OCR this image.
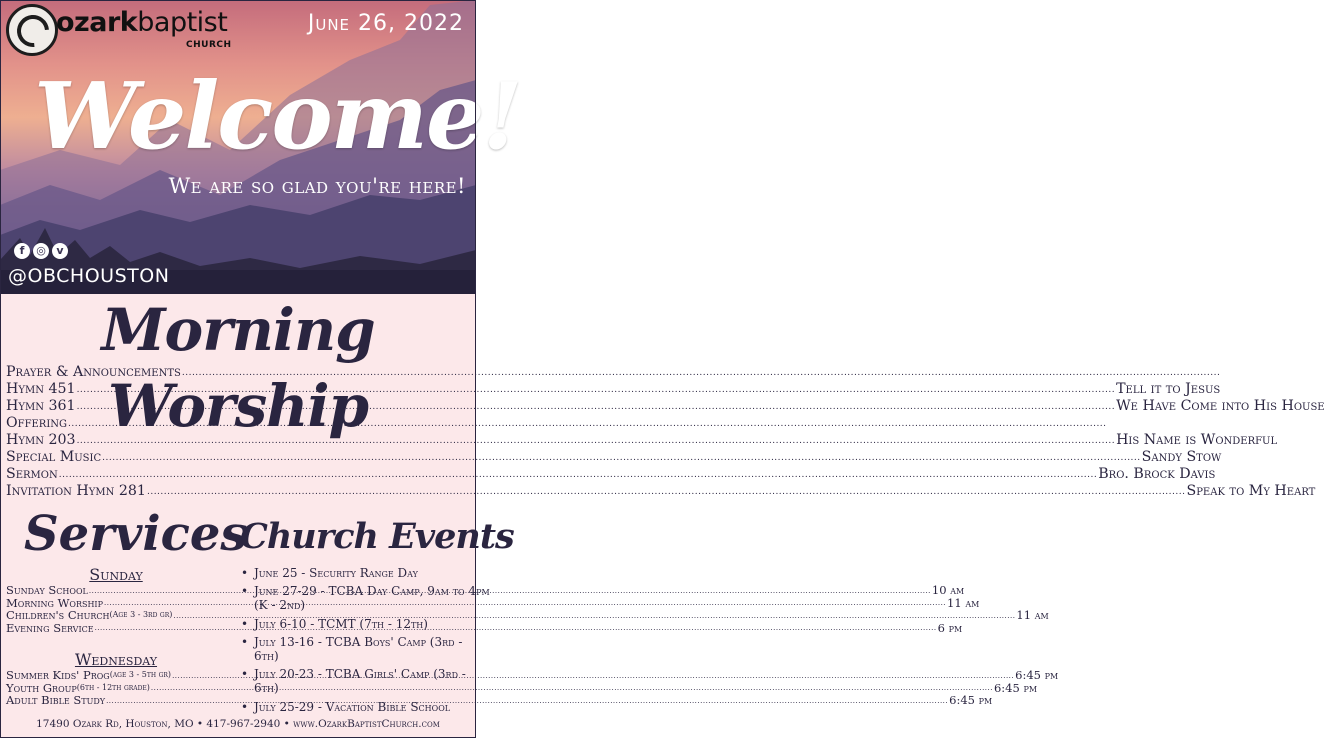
ozarkbaptist
CHURCH
June 26, 2022
Welcome!
We are so glad you're here!
f	◎ v
@OBCHOUSTON
Morning Worship
Prayer & Announcements
.....
Hymn 451 .....	Tell it to Jesus
Hymn 361 .....	We Have Come into His House
Offering
.....
Hymn 203 .....	His Name is Wonderful
Special Music .....	Sandy Stow
Sermon .....	Bro. Brock Davis
Invitation Hymn 281 .....	Speak to My Heart
Services
Sunday
Sunday School .....	10 am
Morning Worship .....	11 am
Children's Church (Age 3 - 3rd gr) .....	11 am
Evening Service .....	6 pm
Wednesday
Summer Kids' Prog (age 3 - 5th gr) .....	6:45 pm
Youth Group (6th - 12th grade) .....	6:45 pm
Adult Bible Study .....	6:45 pm
Church Events
• June 25 - Security Range Day
• June 27-29 - TCBA Day Camp, 9am to 4pm (K - 2nd)
• July 6-10 - TCMT (7th - 12th)
• July 13-16 - TCBA Boys' Camp (3rd - 6th)
• July 20-23 - TCBA Girls' Camp (3rd - 6th)
• July 25-29 - Vacation Bible School
17490 Ozark Rd, Houston, MO • 417-967-2940 • www.OzarkBaptistChurch.com
